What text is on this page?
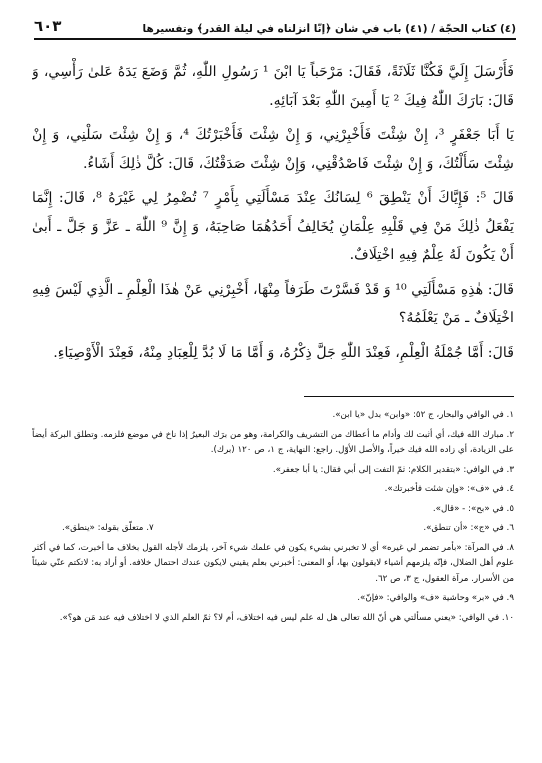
(٤) كتاب الحجّة / (٤١) باب في شأن ﴿إنّا أنزلناه في ليلة القدر﴾ وتفسيرها
٦٠٣

فَأَرْسَلَ إِلَيَّ فَكُنَّا ثَلَاثَةً، فَقَالَ: مَرْحَباً يَا ابْنَ ¹ رَسُولِ اللّٰهِ، ثُمَّ وَضَعَ يَدَهُ عَلىٰ رَأْسِي، وَ قَالَ: بَارَكَ اللّٰهُ فِيكَ ² يَا أَمِينَ اللّٰهِ بَعْدَ آبَائِهِ.

يَا أَبَا جَعْفَرٍ ³، إِنْ شِئْتَ فَأَخْبِرْنِي، وَ إِنْ شِئْتَ فَأَخْبَرْتُكَ ⁴، وَ إِنْ شِئْتَ سَلْنِي، وَ إِنْ شِئْتَ سَأَلْتُكَ، وَ إِنْ شِئْتَ فَاصْدُقْنِي، وَإِنْ شِئْتَ صَدَقْتُكَ، قَالَ: كُلَّ ذٰلِكَ أَشَاءُ.

قَالَ ⁵: فَإِيَّاكَ أَنْ يَنْطِقَ ⁶ لِسَانُكَ عِنْدَ مَسْأَلَتِي بِأَمْرٍ ⁷ تُضْمِرُ لِي غَيْرَهُ ⁸، قَالَ: إِنَّمَا يَفْعَلُ ذٰلِكَ مَنْ فِي قَلْبِهِ عِلْمَانِ يُخَالِفُ أَحَدُهُمَا صَاحِبَهُ، وَ إِنَّ ⁹ اللّٰهَ ـ عَزَّ وَ جَلَّ ـ أَبىٰ أَنْ يَكُونَ لَهُ عِلْمٌ فِيهِ اخْتِلَافٌ.

قَالَ: هٰذِهِ مَسْأَلَتِي ¹⁰ وَ قَدْ فَسَّرْتَ طَرَفاً مِنْهَا، أَخْبِرْنِي عَنْ هٰذَا الْعِلْمِ ـ الَّذِي لَيْسَ فِيهِ اخْتِلَافٌ ـ مَنْ يَعْلَمُهُ؟

قَالَ: أَمَّا جُمْلَةُ الْعِلْمِ، فَعِنْدَ اللّٰهِ جَلَّ ذِكْرُهُ، وَ أَمَّا مَا لَا بُدَّ لِلْعِبَادِ مِنْهُ، فَعِنْدَ الْأَوْصِيَاءِ.

١. في الوافي والبحار، ج ٥٢: «وابن» بدل «يا ابن».

٢. مبارك الله فيك، أي أثبت لك وأدام ما أعطاك من التشريف والكرامة، وهو من برَك البعيرُ إذا ناخ في موضع فلزمه. وتطلق البركة أيضاً على الزيادة، أي زاده الله فيك خيراً، والأصل الأوّل. راجع: النهاية، ج ١، ص ١٢٠ (برك).

٣. في الوافي: «بتقدير الكلام: ثمّ التفت إلى أبي فقال: يا أبا جعفر».

٤. في «ف»: «وإن شئت فأخبرتك».

٥. في «بح»: - «قال».

٦. في «ج»: «أن تنطق».
٧. متعلّق بقوله: «ينطق».

٨. في المرآة: «بأمر تضمر لي غيره» أي لا تخبرني بشيء يكون في علمك شيء آخر، يلزمك لأجله القول بخلاف ما أخبرت، كما في أكثر علوم أهل الضلال، فإنّه يلزمهم أشياء لايقولون بها، أو المعنى: أخبرني بعلم يقيني لايكون عندك احتمال خلافه. أو أراد به: لاتكتم عنّي شيئاً من الأسرار. مرآة العقول، ج ٣، ص ٦٢.

٩. في «بر» وحاشية «ف» والوافي: «فإنّ».

١٠. في الوافي: «يعني مسألتي هي أنّ الله تعالى هل له علم ليس فيه اختلاف، أم لا؟ ثمّ العلم الذي لا اختلاف فيه عند مَن هو؟».
